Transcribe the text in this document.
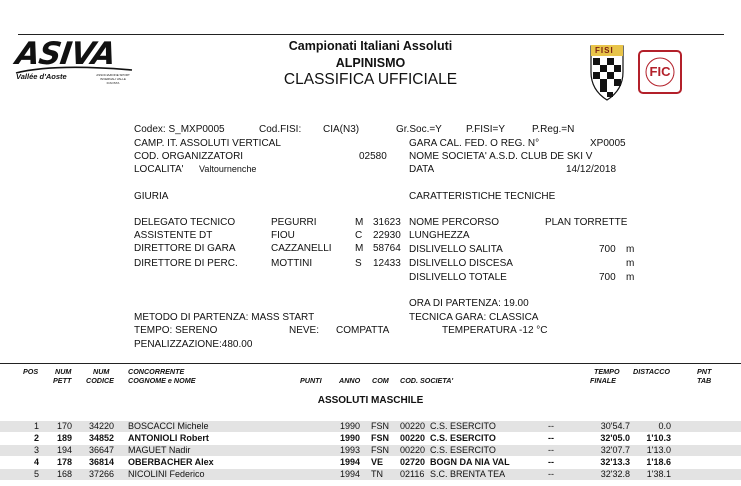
ASIVA
Vallée d'Aoste	ASSOCIAZIONE SPORT INVERNALI VALLE D'AOSTA
Campionati Italiani Assoluti
ALPINISMO
CLASSIFICA UFFICIALE
FISI
FIC
Codex: S_MXP0005	Cod.FISI: CIA(N3)	Gr.Soc.=Y P.FISI=Y	P.Reg.=N
CAMP. IT. ASSOLUTI VERTICAL	GARA CAL. FED. O REG. N°	XP0005
COD. ORGANIZZATORI	02580 NOME SOCIETA' A.S.D. CLUB DE SKI V
LOCALITA' Valtournenche	DATA	14/12/2018
GIURIA	CARATTERISTICHE TECNICHE
DELEGATO TECNICO	PEGURRI	M 31623
ASSISTENTE DT	FIOU	C 22930
DIRETTORE DI GARA	CAZZANELLI M 58764
DIRETTORE DI PERC.	MOTTINI	S 12433
NOME PERCORSO	PLAN TORRETTE
LUNGHEZZA
DISLIVELLO SALITA	700 m
DISLIVELLO DISCESA	m
DISLIVELLO TOTALE	700 m
ORA DI PARTENZA: 19.00
METODO DI PARTENZA: MASS START	TECNICA GARA: CLASSICA
TEMPO: SERENO	NEVE: COMPATTA	TEMPERATURA -12 °C
PENALIZZAZIONE:480.00
POS NUM
PETT
NUM
CODICE
CONCORRENTE
COGNOME e NOME	PUNTI ANNO COM COD. SOCIETA'
TEMPO
FINALE
DISTACCO	PNT
TAB
ASSOLUTI MASCHILE
1 170 34220 BOSCACCI Michele	1990 FSN 00220 C.S. ESERCITO	--	30'54.7	0.0
2 189 34852 ANTONIOLI Robert	1990 FSN 00220 C.S. ESERCITO	--	32'05.0 1'10.3
3 194 36647 MAGUET Nadir	1993 FSN 00220 C.S. ESERCITO	--	32'07.7 1'13.0
4 178 36814 OBERBACHER Alex	1994 VE 02720 BOGN DA NIA VAL	--	32'13.3 1'18.6
5 168 37266 NICOLINI Federico	1994 TN 02116 S.C. BRENTA TEA	--	32'32.8 1'38.1
